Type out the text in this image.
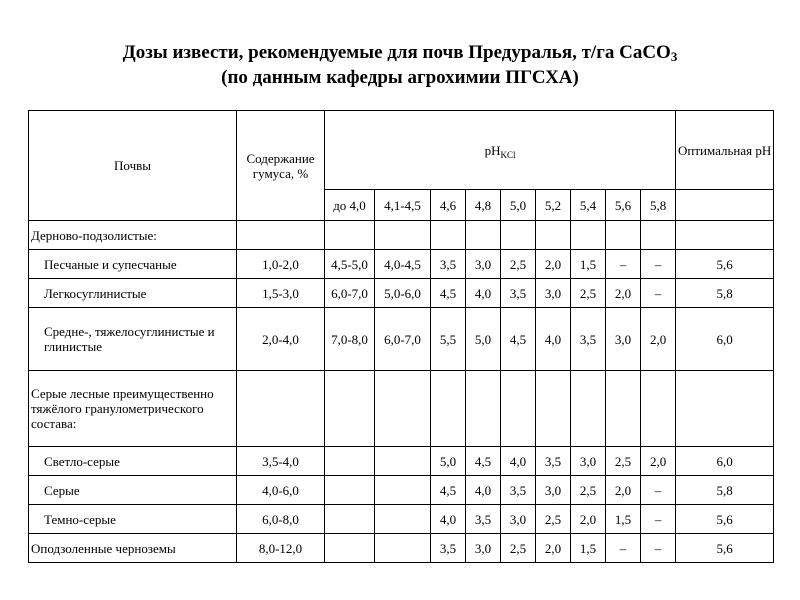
Дозы извести, рекомендуемые для почв Предуралья, т/га CaCO$_3$
(по данным кафедры агрохимии ПГСХА)
Почвы	Содержание гумуса, %	$pH_{KCl}$									Оптимальная pH
		до 4,0	4,1-4,5	4,6	4,8	5,0	5,2	5,4	5,6	5,8	
Дерново-подзолистые:											
Песчаные и супесчаные	1,0-2,0	4,5-5,0	4,0-4,5	3,5	3,0	2,5	2,0	1,5	–	–	5,6
Легкосуглинистые	1,5-3,0	6,0-7,0	5,0-6,0	4,5	4,0	3,5	3,0	2,5	2,0	–	5,8
Средне-, тяжелосуглинистые и глинистые	2,0-4,0	7,0-8,0	6,0-7,0	5,5	5,0	4,5	4,0	3,5	3,0	2,0	6,0
Серые лесные преимущественно тяжёлого гранулометрического состава:											
Светло-серые	3,5-4,0			5,0	4,5	4,0	3,5	3,0	2,5	2,0	6,0
Серые	4,0-6,0			4,5	4,0	3,5	3,0	2,5	2,0	–	5,8
Темно-серые	6,0-8,0			4,0	3,5	3,0	2,5	2,0	1,5	–	5,6
Оподзоленные черноземы	8,0-12,0			3,5	3,0	2,5	2,0	1,5	–	–	5,6
